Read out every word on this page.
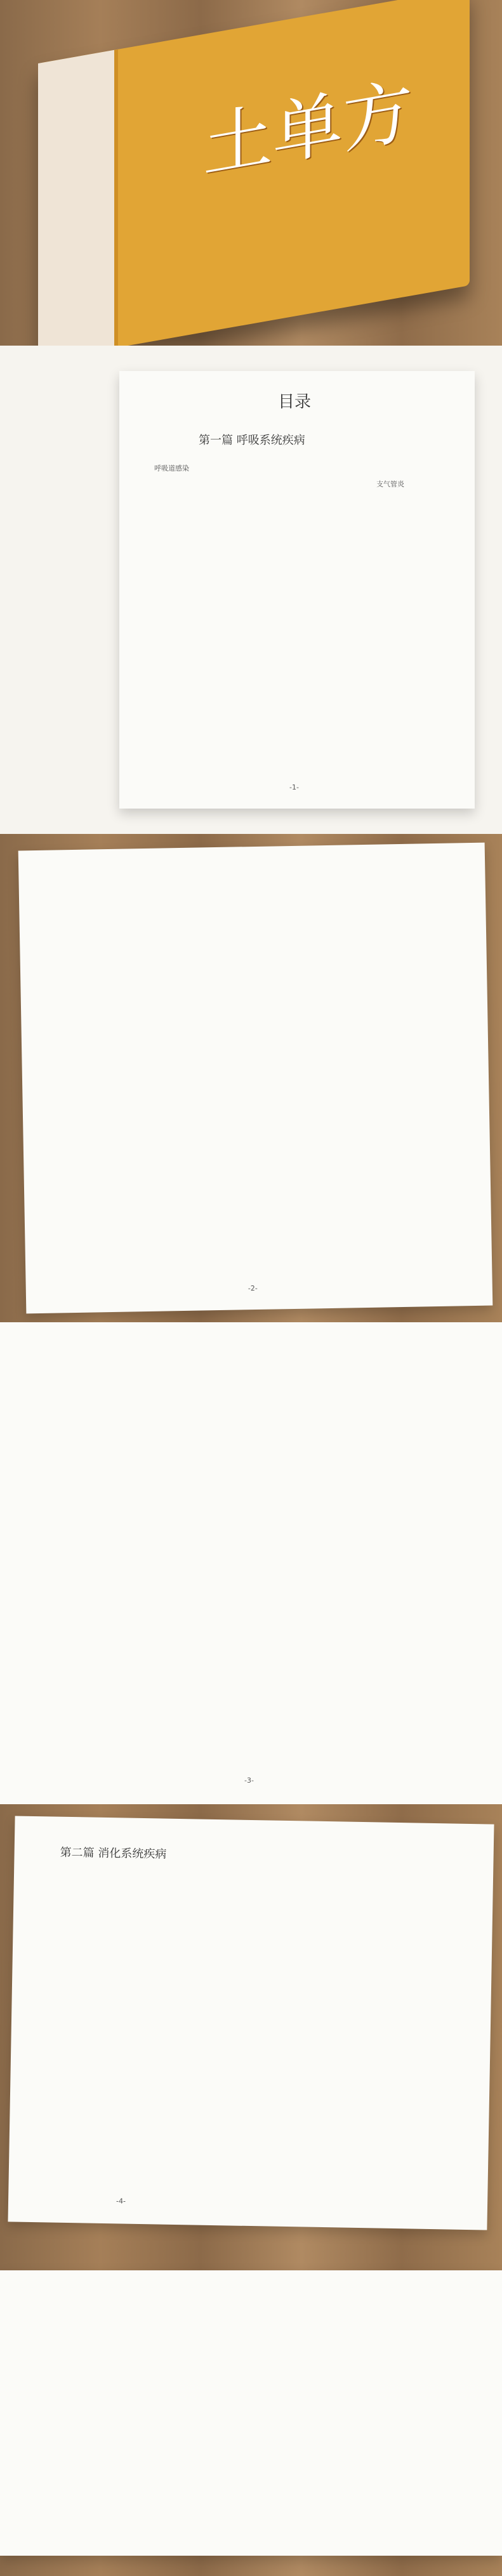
土单方
目录
第一篇 呼吸系统疾病
呼吸道感染
支气管炎
-1-
-2-
-3-
第二篇 消化系统疾病
-4-
